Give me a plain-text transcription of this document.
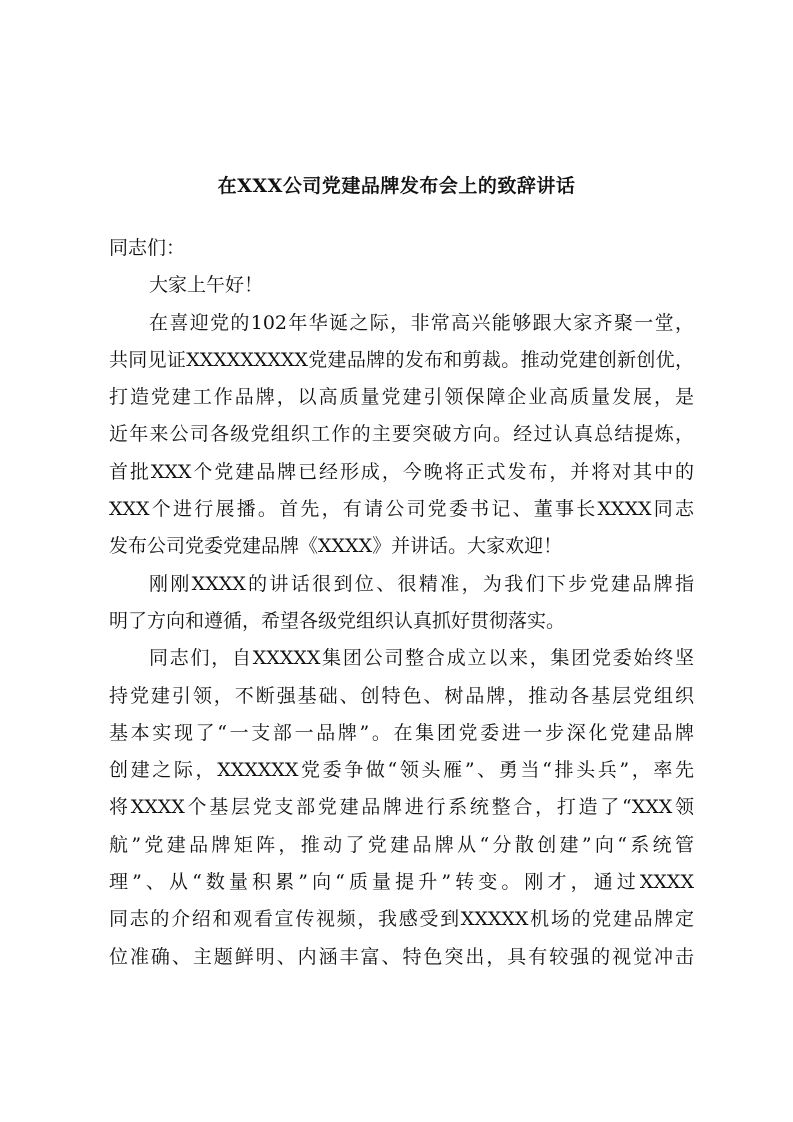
在XXX公司党建品牌发布会上的致辞讲话
同志们：
大家上午好！
在喜迎党的102年华诞之际，非常高兴能够跟大家齐聚一堂，
共同见证XXXXXXXXX党建品牌的发布和剪裁。推动党建创新创优，
打造党建工作品牌，以高质量党建引领保障企业高质量发展，是
近年来公司各级党组织工作的主要突破方向。经过认真总结提炼，
首批XXX个党建品牌已经形成，今晚将正式发布，并将对其中的
XXX个进行展播。首先，有请公司党委书记、董事长XXXX同志
发布公司党委党建品牌《XXXX》并讲话。大家欢迎！
刚刚XXXX的讲话很到位、很精准，为我们下步党建品牌指
明了方向和遵循，希望各级党组织认真抓好贯彻落实。
同志们，自XXXXX集团公司整合成立以来，集团党委始终坚
持党建引领，不断强基础、创特色、树品牌，推动各基层党组织
基本实现了“一支部一品牌”。在集团党委进一步深化党建品牌
创建之际，XXXXXX党委争做“领头雁”、勇当“排头兵”，率先
将XXXX个基层党支部党建品牌进行系统整合，打造了“XXX领
航”党建品牌矩阵，推动了党建品牌从“分散创建”向“系统管
理”、从“数量积累”向“质量提升”转变。刚才，通过XXXX
同志的介绍和观看宣传视频，我感受到XXXXX机场的党建品牌定
位准确、主题鲜明、内涵丰富、特色突出，具有较强的视觉冲击
